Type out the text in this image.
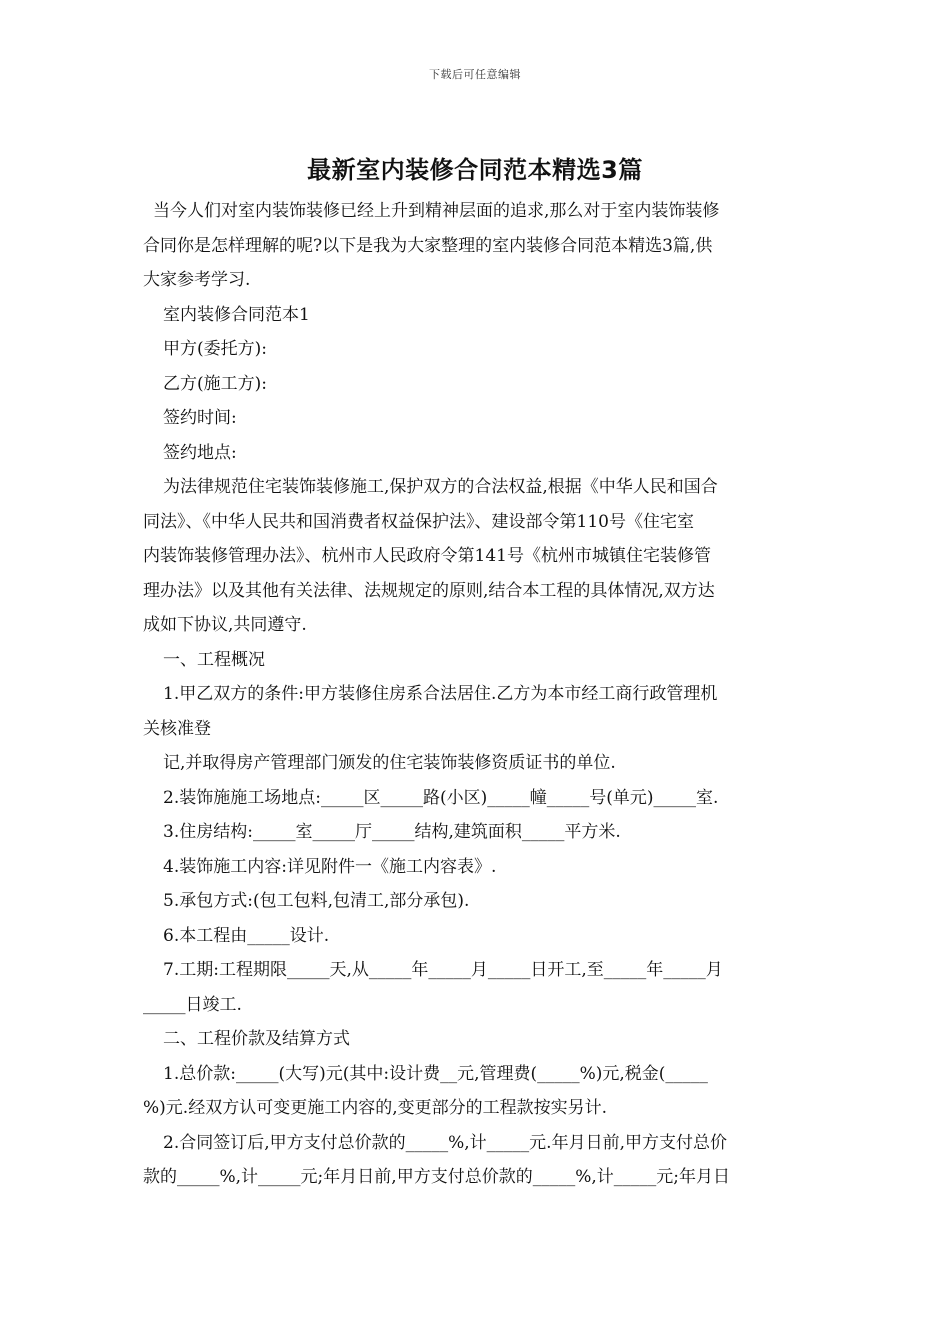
下载后可任意编辑
最新室内装修合同范本精选3篇
当今人们对室内装饰装修已经上升到精神层面的追求,那么对于室内装饰装修
合同你是怎样理解的呢?以下是我为大家整理的室内装修合同范本精选3篇,供
大家参考学习.
室内装修合同范本1
甲方(委托方):
乙方(施工方):
签约时间:
签约地点:
为法律规范住宅装饰装修施工,保护双方的合法权益,根据《中华人民和国合
同法》、《中华人民共和国消费者权益保护法》、建设部令第110号《住宅室
内装饰装修管理办法》、杭州市人民政府令第141号《杭州市城镇住宅装修管
理办法》以及其他有关法律、法规规定的原则,结合本工程的具体情况,双方达
成如下协议,共同遵守.
一、工程概况
1.甲乙双方的条件:甲方装修住房系合法居住.乙方为本市经工商行政管理机
关核准登
记,并取得房产管理部门颁发的住宅装饰装修资质证书的单位.
2.装饰施施工场地点:_____区_____路(小区)_____幢_____号(单元)_____室.
3.住房结构:_____室_____厅_____结构,建筑面积_____平方米.
4.装饰施工内容:详见附件一《施工内容表》.
5.承包方式:(包工包料,包清工,部分承包).
6.本工程由_____设计.
7.工期:工程期限_____天,从_____年_____月_____日开工,至_____年_____月
_____日竣工.
二、工程价款及结算方式
1.总价款:_____(大写)元(其中:设计费__元,管理费(_____%)元,税金(_____
%)元.经双方认可变更施工内容的,变更部分的工程款按实另计.
2.合同签订后,甲方支付总价款的_____%,计_____元.年月日前,甲方支付总价
款的_____%,计_____元;年月日前,甲方支付总价款的_____%,计_____元;年月日
